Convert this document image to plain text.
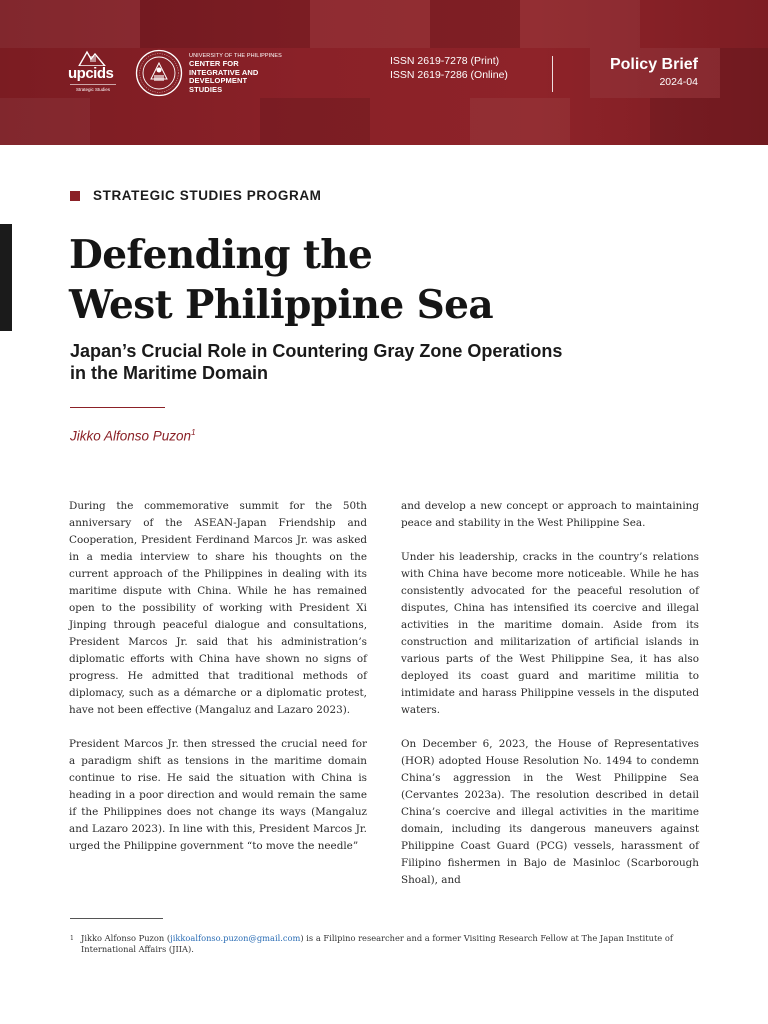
upcids
Strategic Studies
UNIVERSITY OF THE PHILIPPINES
CENTER FOR
INTEGRATIVE AND
DEVELOPMENT
STUDIES
ISSN 2619-7278 (Print)
ISSN 2619-7286 (Online)
Policy Brief
2024-04
STRATEGIC STUDIES PROGRAM
Defending the
West Philippine Sea
Japan’s Crucial Role in Countering Gray Zone Operations
in the Maritime Domain
Jikko Alfonso Puzon$^1$

During the commemorative summit for the 50th anniversary of the ASEAN-Japan Friendship and Cooperation, President Ferdinand Marcos Jr. was asked in a media interview to share his thoughts on the current approach of the Philippines in dealing with its maritime dispute with China. While he has remained open to the possibility of working with President Xi Jinping through peaceful dialogue and consultations, President Marcos Jr. said that his administration’s diplomatic efforts with China have shown no signs of progress. He admitted that traditional methods of diplomacy, such as a démarche or a diplomatic protest, have not been effective (Mangaluz and Lazaro 2023).

President Marcos Jr. then stressed the crucial need for a paradigm shift as tensions in the maritime domain continue to rise. He said the situation with China is heading in a poor direction and would remain the same if the Philippines does not change its ways (Mangaluz and Lazaro 2023). In line with this, President Marcos Jr. urged the Philippine government “to move the needle”

and develop a new concept or approach to maintaining peace and stability in the West Philippine Sea.

Under his leadership, cracks in the country’s relations with China have become more noticeable. While he has consistently advocated for the peaceful resolution of disputes, China has intensified its coercive and illegal activities in the maritime domain. Aside from its construction and militarization of artificial islands in various parts of the West Philippine Sea, it has also deployed its coast guard and maritime militia to intimidate and harass Philippine vessels in the disputed waters.

On December 6, 2023, the House of Representatives (HOR) adopted House Resolution No. 1494 to condemn China’s aggression in the West Philippine Sea (Cervantes 2023a). The resolution described in detail China’s coercive and illegal activities in the maritime domain, including its dangerous maneuvers against Philippine Coast Guard (PCG) vessels, harassment of Filipino fishermen in Bajo de Masinloc (Scarborough Shoal), and

1 Jikko Alfonso Puzon (jikkoalfonso.puzon@gmail.com) is a Filipino researcher and a former Visiting Research Fellow at The Japan Institute of International Affairs (JIIA).
